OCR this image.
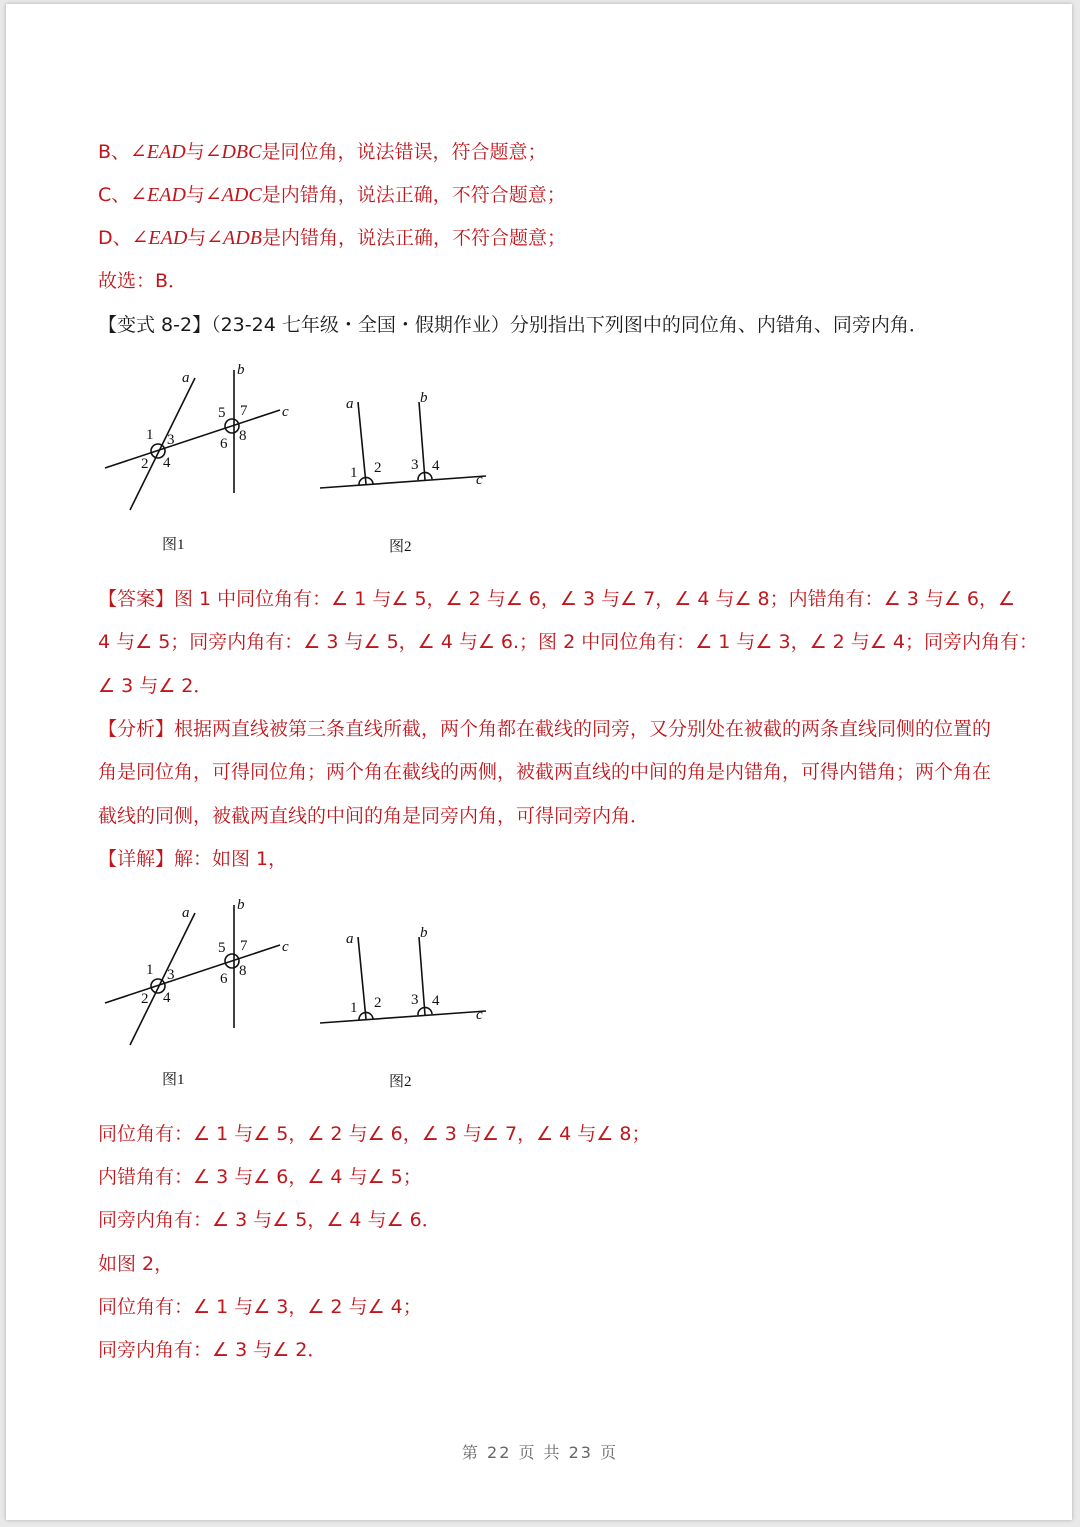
B、∠EAD与∠DBC是同位角，说法错误，符合题意；
C、∠EAD与∠ADC是内错角，说法正确，不符合题意；
D、∠EAD与∠ADB是内错角，说法正确，不符合题意；
故选：B．
【变式 8-2】（23-24 七年级・全国・假期作业）分别指出下列图中的同位角、内错角、同旁内角．
a	b
c
1
2
3
4
5
6
7
8
图1
a	b
c
1 2 3 4
图2
【答案】图 1 中同位角有：∠ 1 与∠ 5，∠ 2 与∠ 6，∠ 3 与∠ 7，∠ 4 与∠ 8；内错角有：∠ 3 与∠ 6，∠
4 与∠ 5；同旁内角有：∠ 3 与∠ 5，∠ 4 与∠ 6.；图 2 中同位角有：∠ 1 与∠ 3，∠ 2 与∠ 4；同旁内角有：
∠ 3 与∠ 2．
【分析】根据两直线被第三条直线所截，两个角都在截线的同旁，又分别处在被截的两条直线同侧的位置的
角是同位角，可得同位角；两个角在截线的两侧，被截两直线的中间的角是内错角，可得内错角；两个角在
截线的同侧，被截两直线的中间的角是同旁内角，可得同旁内角．
【详解】解：如图 1，
a	b
c
1
2
3
4
5
6
7
8
图1
a	b
c
1 2 3 4
图2
同位角有：∠ 1 与∠ 5，∠ 2 与∠ 6，∠ 3 与∠ 7，∠ 4 与∠ 8；
内错角有：∠ 3 与∠ 6，∠ 4 与∠ 5；
同旁内角有：∠ 3 与∠ 5，∠ 4 与∠ 6．
如图 2，
同位角有：∠ 1 与∠ 3，∠ 2 与∠ 4；
同旁内角有：∠ 3 与∠ 2．
第 22 页 共 23 页
